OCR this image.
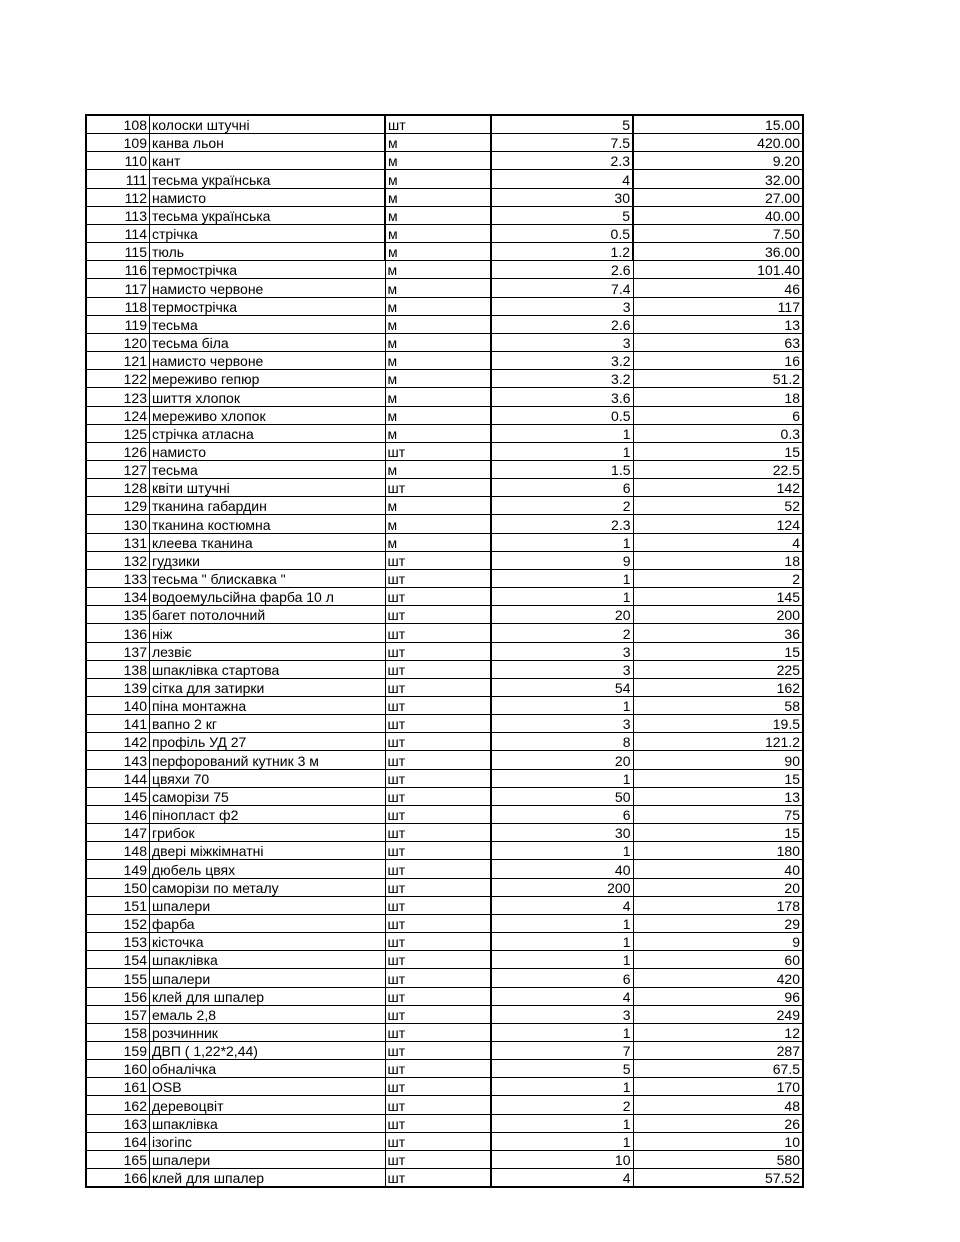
108	колоски штучні	шт	5	15.00
109	канва льон	м	7.5	420.00
110	кант	м	2.3	9.20
111	тесьма українська	м	4	32.00
112	намисто	м	30	27.00
113	тесьма українська	м	5	40.00
114	стрічка	м	0.5	7.50
115	тюль	м	1.2	36.00
116	термострічка	м	2.6	101.40
117	намисто червоне	м	7.4	46
118	термострічка	м	3	117
119	тесьма	м	2.6	13
120	тесьма біла	м	3	63
121	намисто червоне	м	3.2	16
122	мереживо гепюр	м	3.2	51.2
123	шиття хлопок	м	3.6	18
124	мереживо хлопок	м	0.5	6
125	стрічка атласна	м	1	0.3
126	намисто	шт	1	15
127	тесьма	м	1.5	22.5
128	квіти штучні	шт	6	142
129	тканина габардин	м	2	52
130	тканина костюмна	м	2.3	124
131	клеева тканина	м	1	4
132	гудзики	шт	9	18
133	тесьма " блискавка "	шт	1	2
134	водоемульсійна фарба 10 л	шт	1	145
135	багет потолочний	шт	20	200
136	ніж	шт	2	36
137	лезвіє	шт	3	15
138	шпаклівка стартова	шт	3	225
139	сітка для затирки	шт	54	162
140	піна монтажна	шт	1	58
141	вапно 2 кг	шт	3	19.5
142	профіль УД 27	шт	8	121.2
143	перфорований кутник 3 м	шт	20	90
144	цвяхи 70	шт	1	15
145	саморізи 75	шт	50	13
146	пінопласт ф2	шт	6	75
147	грибок	шт	30	15
148	двері міжкімнатні	шт	1	180
149	дюбель цвях	шт	40	40
150	саморізи по металу	шт	200	20
151	шпалери	шт	4	178
152	фарба	шт	1	29
153	кісточка	шт	1	9
154	шпаклівка	шт	1	60
155	шпалери	шт	6	420
156	клей для шпалер	шт	4	96
157	емаль 2,8	шт	3	249
158	розчинник	шт	1	12
159	ДВП ( 1,22*2,44)	шт	7	287
160	обналічка	шт	5	67.5
161	OSB	шт	1	170
162	деревоцвіт	шт	2	48
163	шпаклівка	шт	1	26
164	ізогіпс	шт	1	10
165	шпалери	шт	10	580
166	клей для шпалер	шт	4	57.52
